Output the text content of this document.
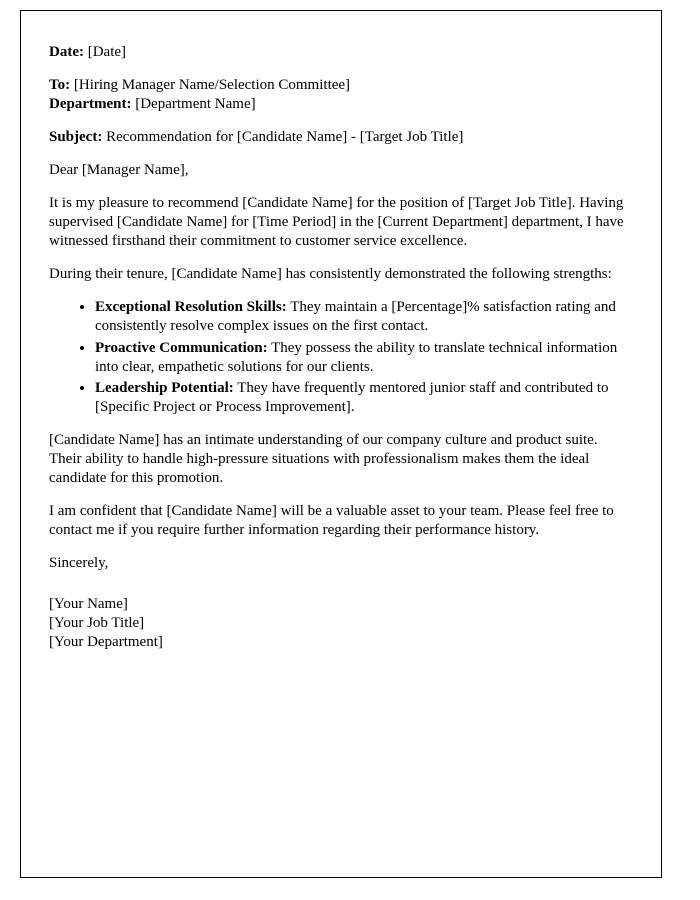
Date: [Date]

To: [Hiring Manager Name/Selection Committee]

Department: [Department Name]

Subject: Recommendation for [Candidate Name] - [Target Job Title]

Dear [Manager Name],

It is my pleasure to recommend [Candidate Name] for the position of [Target Job Title]. Having supervised [Candidate Name] for [Time Period] in the [Current Department] department, I have witnessed firsthand their commitment to customer service excellence.

During their tenure, [Candidate Name] has consistently demonstrated the following strengths:

• Exceptional Resolution Skills: They maintain a [Percentage]% satisfaction rating and consistently resolve complex issues on the first contact.
• Proactive Communication: They possess the ability to translate technical information into clear, empathetic solutions for our clients.
• Leadership Potential: They have frequently mentored junior staff and contributed to [Specific Project or Process Improvement].

[Candidate Name] has an intimate understanding of our company culture and product suite. Their ability to handle high-pressure situations with professionalism makes them the ideal candidate for this promotion.

I am confident that [Candidate Name] will be a valuable asset to your team. Please feel free to contact me if you require further information regarding their performance history.

Sincerely,

[Your Name]

[Your Job Title]

[Your Department]
